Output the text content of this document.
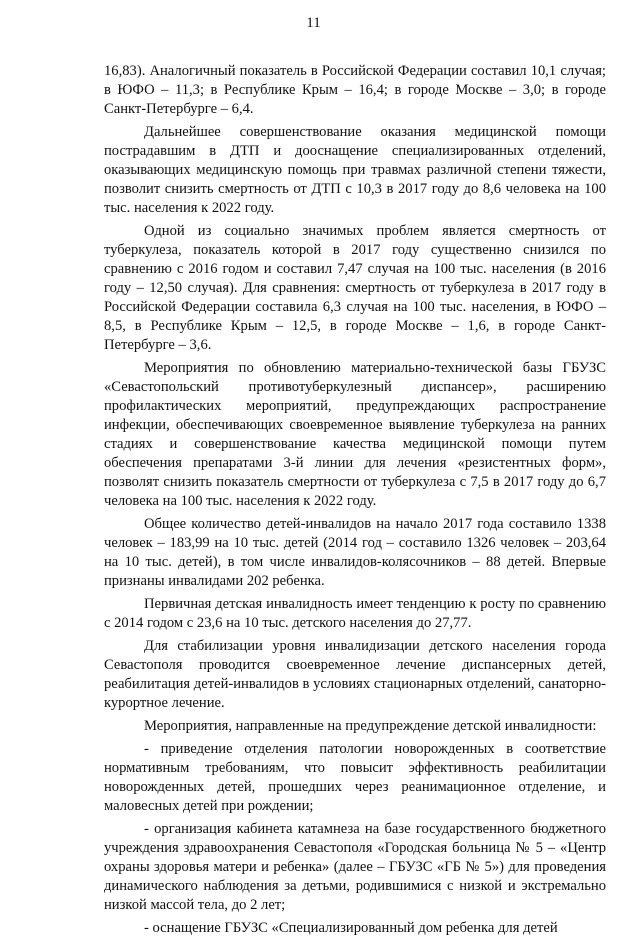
11

16,83). Аналогичный показатель в Российской Федерации составил 10,1 случая; в ЮФО – 11,3; в Республике Крым – 16,4; в городе Москве – 3,0; в городе Санкт-Петербурге – 6,4.

Дальнейшее совершенствование оказания медицинской помощи пострадавшим в ДТП и дооснащение специализированных отделений, оказывающих медицинскую помощь при травмах различной степени тяжести, позволит снизить смертность от ДТП с 10,3 в 2017 году до 8,6 человека на 100 тыс. населения к 2022 году.

Одной из социально значимых проблем является смертность от туберкулеза, показатель которой в 2017 году существенно снизился по сравнению с 2016 годом и составил 7,47 случая на 100 тыс. населения (в 2016 году – 12,50 случая). Для сравнения: смертность от туберкулеза в 2017 году в Российской Федерации составила 6,3 случая на 100 тыс. населения, в ЮФО – 8,5, в Республике Крым – 12,5, в городе Москве – 1,6, в городе Санкт-Петербурге – 3,6.

Мероприятия по обновлению материально-технической базы ГБУЗС «Севастопольский противотуберкулезный диспансер», расширению профилактических мероприятий, предупреждающих распространение инфекции, обеспечивающих своевременное выявление туберкулеза на ранних стадиях и совершенствование качества медицинской помощи путем обеспечения препаратами 3-й линии для лечения «резистентных форм», позволят снизить показатель смертности от туберкулеза с 7,5 в 2017 году до 6,7 человека на 100 тыс. населения к 2022 году.

Общее количество детей-инвалидов на начало 2017 года составило 1338 человек – 183,99 на 10 тыс. детей (2014 год – составило 1326 человек – 203,64 на 10 тыс. детей), в том числе инвалидов-колясочников – 88 детей. Впервые признаны инвалидами 202 ребенка.

Первичная детская инвалидность имеет тенденцию к росту по сравнению с 2014 годом с 23,6 на 10 тыс. детского населения до 27,77.

Для стабилизации уровня инвалидизации детского населения города Севастополя проводится своевременное лечение диспансерных детей, реабилитация детей-инвалидов в условиях стационарных отделений, санаторно-курортное лечение.

Мероприятия, направленные на предупреждение детской инвалидности:

- приведение отделения патологии новорожденных в соответствие нормативным требованиям, что повысит эффективность реабилитации новорожденных детей, прошедших через реанимационное отделение, и маловесных детей при рождении;

- организация кабинета катамнеза на базе государственного бюджетного учреждения здравоохранения Севастополя «Городская больница № 5 – «Центр охраны здоровья матери и ребенка» (далее – ГБУЗС «ГБ № 5») для проведения динамического наблюдения за детьми, родившимися с низкой и экстремально низкой массой тела, до 2 лет;

- оснащение ГБУЗС «Специализированный дом ребенка для детей
